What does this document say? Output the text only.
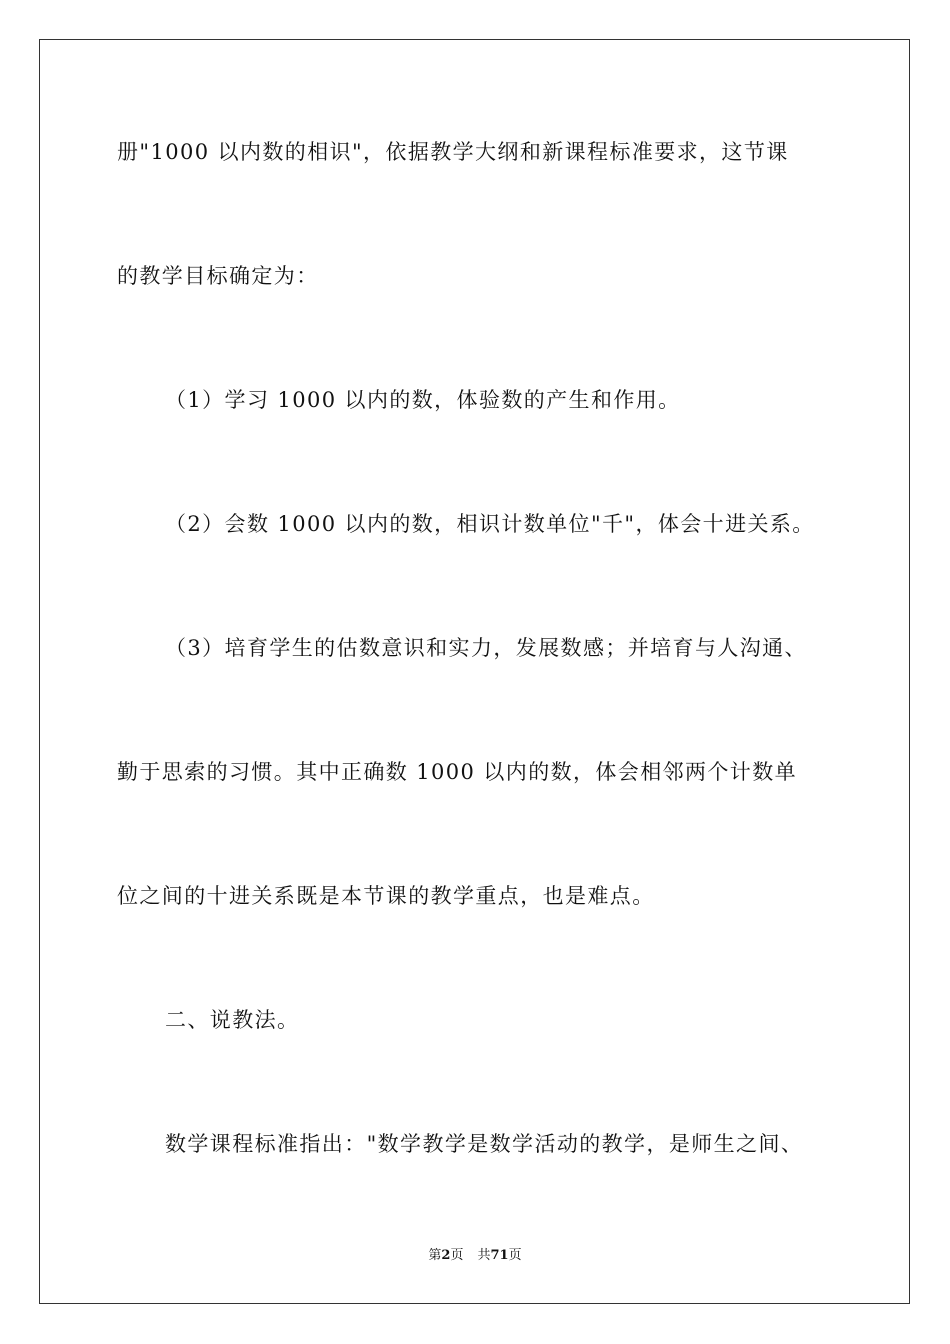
册"1000 以内数的相识"，依据教学大纲和新课程标准要求，这节课
的教学目标确定为：
（1）学习 1000 以内的数，体验数的产生和作用。
（2）会数 1000 以内的数，相识计数单位"千"，体会十进关系。
（3）培育学生的估数意识和实力，发展数感；并培育与人沟通、
勤于思索的习惯。其中正确数 1000 以内的数，体会相邻两个计数单
位之间的十进关系既是本节课的教学重点，也是难点。
二、说教法。
数学课程标准指出："数学教学是数学活动的教学，是师生之间、
第2页 共71页
